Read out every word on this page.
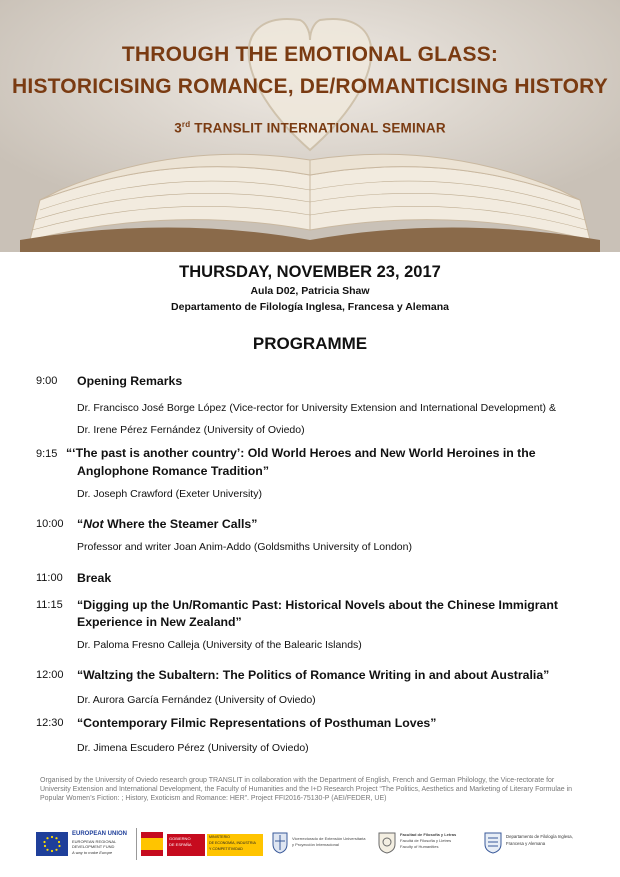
THROUGH THE EMOTIONAL GLASS:
HISTORICISING ROMANCE, DE/ROMANTICISING HISTORY
3rd TRANSLIT INTERNATIONAL SEMINAR
THURSDAY, NOVEMBER 23, 2017
Aula D02, Patricia Shaw
Departamento de Filología Inglesa, Francesa y Alemana
PROGRAMME
9:00 Opening Remarks
Dr. Francisco José Borge López (Vice-rector for University Extension and International Development) &
Dr. Irene Pérez Fernández (University of Oviedo)
9:15 “‘The past is another country’: Old World Heroes and New World Heroines in the
Anglophone Romance Tradition”
Dr. Joseph Crawford (Exeter University)
10:00 “Not Where the Steamer Calls”
Professor and writer Joan Anim-Addo (Goldsmiths University of London)
11:00 Break
11:15 “Digging up the Un/Romantic Past: Historical Novels about the Chinese Immigrant
Experience in New Zealand”
Dr. Paloma Fresno Calleja (University of the Balearic Islands)
12:00 “Waltzing the Subaltern: The Politics of Romance Writing in and about Australia”
Dr. Aurora García Fernández (University of Oviedo)
12:30 “Contemporary Filmic Representations of Posthuman Loves”
Dr. Jimena Escudero Pérez (University of Oviedo)
Organised by the University of Oviedo research group TRANSLIT in collaboration with the Department of English, French and German Philology, the Vice-rectorate for University Extension and International Development, the Faculty of Humanities and the I+D Research Project “The Politics, Aesthetics and Marketing of Literary Formulae in Popular Women’s Fiction: ; History, Exoticism and Romance: HER”. Project FFI2016-75130-P (AEI/FEDER, UE)
EUROPEAN UNION
EUROPEAN REGIONAL
DEVELOPMENT FUND
A way to make Europe
GOBIERNO
DE ESPAÑA
MINISTERIO
DE ECONOMÍA, INDUSTRIA
Y COMPETITIVIDAD
Vicerrectorado de Extensión Universitaria
y Proyección Internacional
Facultad de Filosofía y Letras
Facultá de Filosofía y Lletres
Faculty of Humanities
Departamento de Filología Inglesa,
Francesa y Alemana
